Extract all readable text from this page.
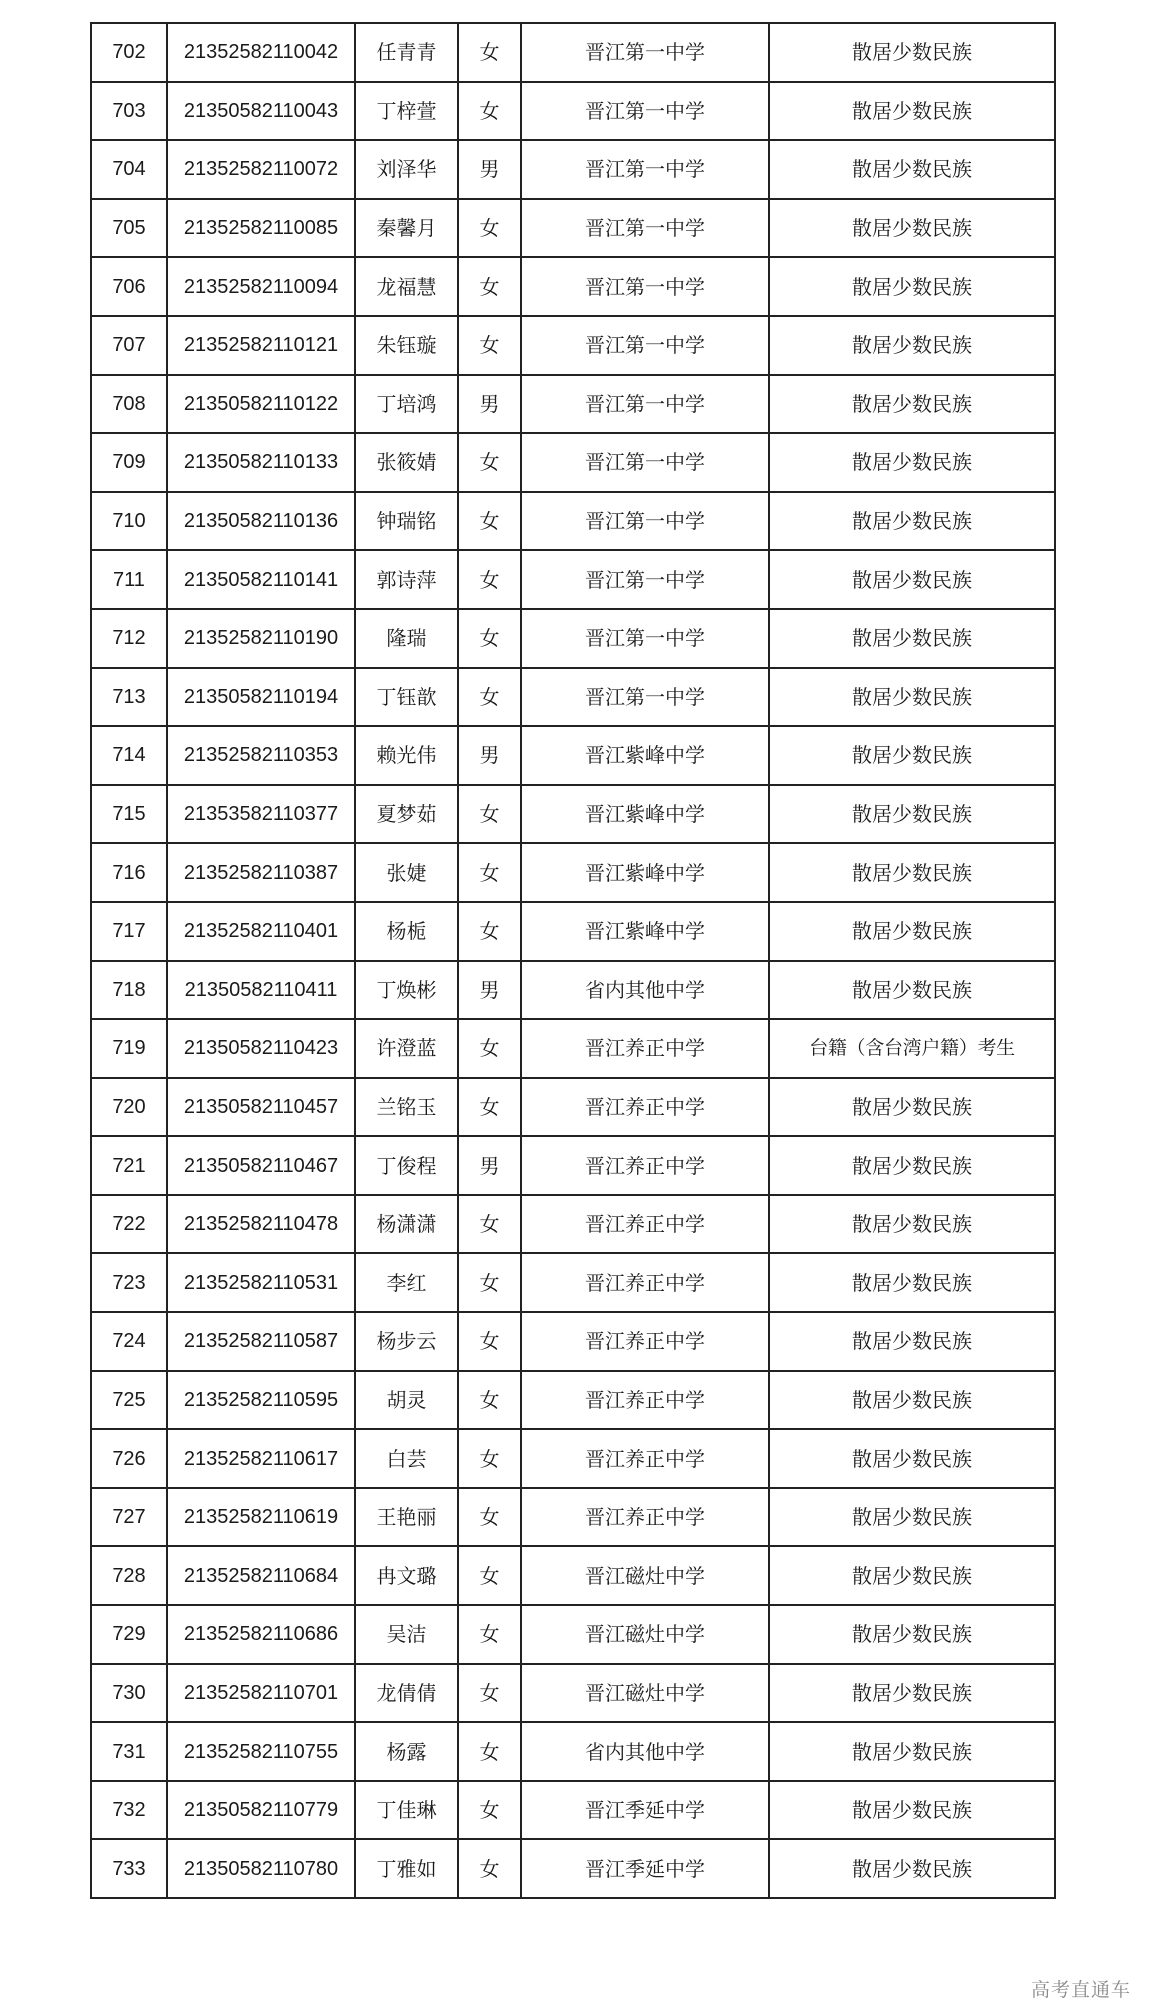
702	21352582110042	任青青	女	晋江第一中学	散居少数民族
703	21350582110043	丁梓萱	女	晋江第一中学	散居少数民族
704	21352582110072	刘泽华	男	晋江第一中学	散居少数民族
705	21352582110085	秦馨月	女	晋江第一中学	散居少数民族
706	21352582110094	龙福慧	女	晋江第一中学	散居少数民族
707	21352582110121	朱钰璇	女	晋江第一中学	散居少数民族
708	21350582110122	丁培鸿	男	晋江第一中学	散居少数民族
709	21350582110133	张筱婧	女	晋江第一中学	散居少数民族
710	21350582110136	钟瑞铭	女	晋江第一中学	散居少数民族
711	21350582110141	郭诗萍	女	晋江第一中学	散居少数民族
712	21352582110190	隆瑞	女	晋江第一中学	散居少数民族
713	21350582110194	丁钰歆	女	晋江第一中学	散居少数民族
714	21352582110353	赖光伟	男	晋江紫峰中学	散居少数民族
715	21353582110377	夏梦茹	女	晋江紫峰中学	散居少数民族
716	21352582110387	张婕	女	晋江紫峰中学	散居少数民族
717	21352582110401	杨栀	女	晋江紫峰中学	散居少数民族
718	21350582110411	丁焕彬	男	省内其他中学	散居少数民族
719	21350582110423	许澄蓝	女	晋江养正中学	台籍（含台湾户籍）考生
720	21350582110457	兰铭玉	女	晋江养正中学	散居少数民族
721	21350582110467	丁俊程	男	晋江养正中学	散居少数民族
722	21352582110478	杨潇潇	女	晋江养正中学	散居少数民族
723	21352582110531	李红	女	晋江养正中学	散居少数民族
724	21352582110587	杨步云	女	晋江养正中学	散居少数民族
725	21352582110595	胡灵	女	晋江养正中学	散居少数民族
726	21352582110617	白芸	女	晋江养正中学	散居少数民族
727	21352582110619	王艳丽	女	晋江养正中学	散居少数民族
728	21352582110684	冉文璐	女	晋江磁灶中学	散居少数民族
729	21352582110686	吴洁	女	晋江磁灶中学	散居少数民族
730	21352582110701	龙倩倩	女	晋江磁灶中学	散居少数民族
731	21352582110755	杨露	女	省内其他中学	散居少数民族
732	21350582110779	丁佳琳	女	晋江季延中学	散居少数民族
733	21350582110780	丁雅如	女	晋江季延中学	散居少数民族
高考直通车
